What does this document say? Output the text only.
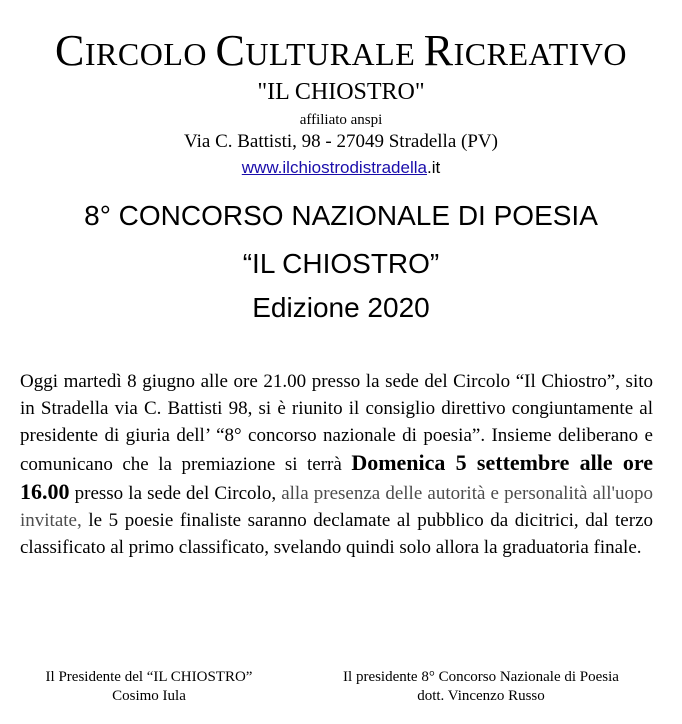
CIRCOLO CULTURALE RICREATIVO
"IL CHIOSTRO"
affiliato anspi
Via C. Battisti, 98 - 27049 Stradella (PV)
www.ilchiostrodistradella.it
8° CONCORSO NAZIONALE DI POESIA
“IL CHIOSTRO”
Edizione 2020
Oggi martedì 8 giugno alle ore 21.00 presso la sede del Circolo “Il Chiostro”, sito in Stradella via C. Battisti 98, si è riunito il consiglio direttivo congiuntamente al presidente di giuria dell’ “8° concorso nazionale di poesia”. Insieme deliberano e comunicano che la premiazione si terrà Domenica 5 settembre alle ore 16.00 presso la sede del Circolo, alla presenza delle autorità e personalità all'uopo invitate, le 5 poesie finaliste saranno declamate al pubblico da dicitrici, dal terzo classificato al primo classificato, svelando quindi solo allora la graduatoria finale.
Il Presidente del “IL CHIOSTRO”
Cosimo Iula
Il presidente 8° Concorso Nazionale di Poesia
dott. Vincenzo Russo
